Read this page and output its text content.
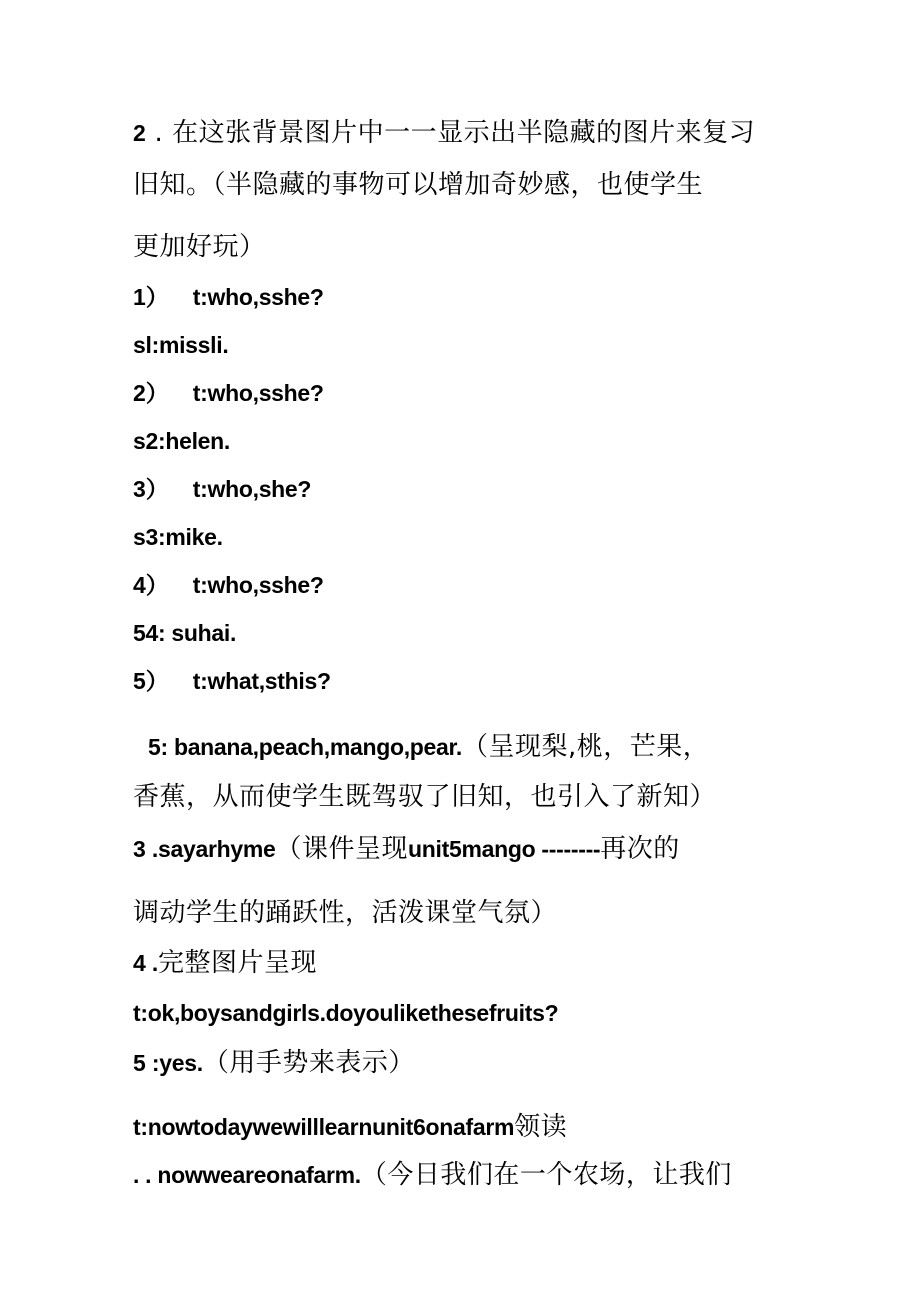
2 . 在这张背景图片中一一显示出半隐藏的图片来复习
旧知。（半隐藏的事物可以增加奇妙感，也使学生
更加好玩）
1） t:who,sshe?
sl:missli.
2） t:who,sshe?
s2:helen.
3） t:who,she?
s3:mike.
4） t:who,sshe?
54: suhai.
5） t:what,sthis?
5: banana,peach,mango,pear.（呈现梨,桃，芒果，
香蕉，从而使学生既驾驭了旧知，也引入了新知）
3 .sayarhyme（课件呈现unit5mango --------再次的
调动学生的踊跃性，活泼课堂气氛）
4 .完整图片呈现
t:ok,boysandgirls.doyoulikethesefruits?
5 :yes.（用手势来表示）
t:nowtodaywewilllearnunit6onafarm领读
. . nowweareonafarm.（今日我们在一个农场，让我们
